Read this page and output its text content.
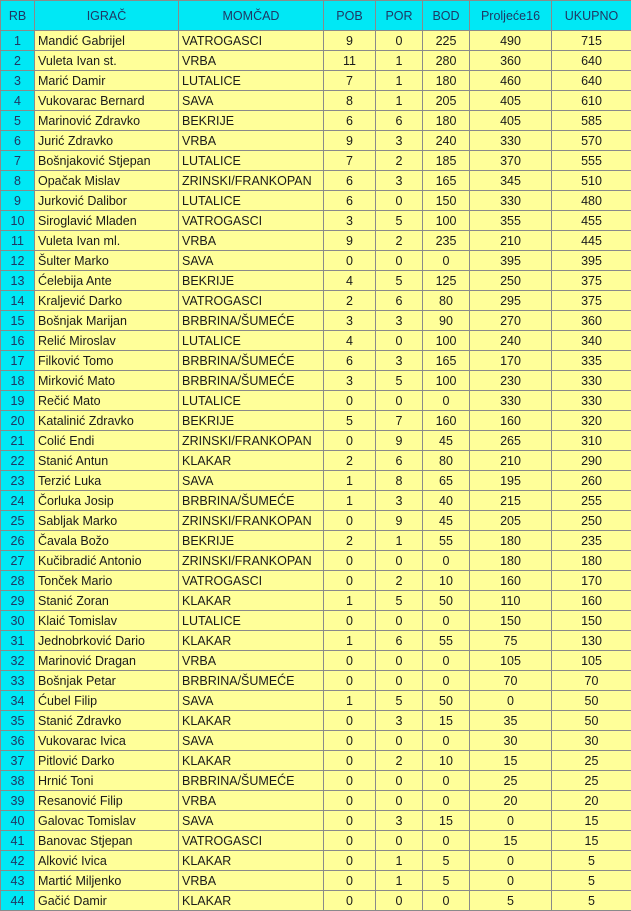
RB	IGRAČ	MOMČAD	POB	POR	BOD	Proljeće16	UKUPNO
1	Mandić Gabrijel	VATROGASCI	9	0	225	490	715
2	Vuleta Ivan st.	VRBA	11	1	280	360	640
3	Marić Damir	LUTALICE	7	1	180	460	640
4	Vukovarac Bernard	SAVA	8	1	205	405	610
5	Marinović Zdravko	BEKRIJE	6	6	180	405	585
6	Jurić Zdravko	VRBA	9	3	240	330	570
7	Bošnjaković Stjepan	LUTALICE	7	2	185	370	555
8	Opačak Mislav	ZRINSKI/FRANKOPAN	6	3	165	345	510
9	Jurković Dalibor	LUTALICE	6	0	150	330	480
10	Siroglavić Mladen	VATROGASCI	3	5	100	355	455
11	Vuleta Ivan ml.	VRBA	9	2	235	210	445
12	Šulter Marko	SAVA	0	0	0	395	395
13	Ćelebija Ante	BEKRIJE	4	5	125	250	375
14	Kraljević Darko	VATROGASCI	2	6	80	295	375
15	Bošnjak Marijan	BRBRINA/ŠUMEĆE	3	3	90	270	360
16	Relić Miroslav	LUTALICE	4	0	100	240	340
17	Filković Tomo	BRBRINA/ŠUMEĆE	6	3	165	170	335
18	Mirković Mato	BRBRINA/ŠUMEĆE	3	5	100	230	330
19	Rečić Mato	LUTALICE	0	0	0	330	330
20	Katalinić Zdravko	BEKRIJE	5	7	160	160	320
21	Colić Endi	ZRINSKI/FRANKOPAN	0	9	45	265	310
22	Stanić Antun	KLAKAR	2	6	80	210	290
23	Terzić Luka	SAVA	1	8	65	195	260
24	Čorluka Josip	BRBRINA/ŠUMEĆE	1	3	40	215	255
25	Sabljak Marko	ZRINSKI/FRANKOPAN	0	9	45	205	250
26	Čavala Božo	BEKRIJE	2	1	55	180	235
27	Kučibradić Antonio	ZRINSKI/FRANKOPAN	0	0	0	180	180
28	Tonček Mario	VATROGASCI	0	2	10	160	170
29	Stanić Zoran	KLAKAR	1	5	50	110	160
30	Klaić Tomislav	LUTALICE	0	0	0	150	150
31	Jednobrković Dario	KLAKAR	1	6	55	75	130
32	Marinović Dragan	VRBA	0	0	0	105	105
33	Bošnjak Petar	BRBRINA/ŠUMEĆE	0	0	0	70	70
34	Ćubel Filip	SAVA	1	5	50	0	50
35	Stanić Zdravko	KLAKAR	0	3	15	35	50
36	Vukovarac Ivica	SAVA	0	0	0	30	30
37	Pitlović Darko	KLAKAR	0	2	10	15	25
38	Hrnić Toni	BRBRINA/ŠUMEĆE	0	0	0	25	25
39	Resanović Filip	VRBA	0	0	0	20	20
40	Galovac Tomislav	SAVA	0	3	15	0	15
41	Banovac Stjepan	VATROGASCI	0	0	0	15	15
42	Alković Ivica	KLAKAR	0	1	5	0	5
43	Martić Miljenko	VRBA	0	1	5	0	5
44	Gačić Damir	KLAKAR	0	0	0	5	5
